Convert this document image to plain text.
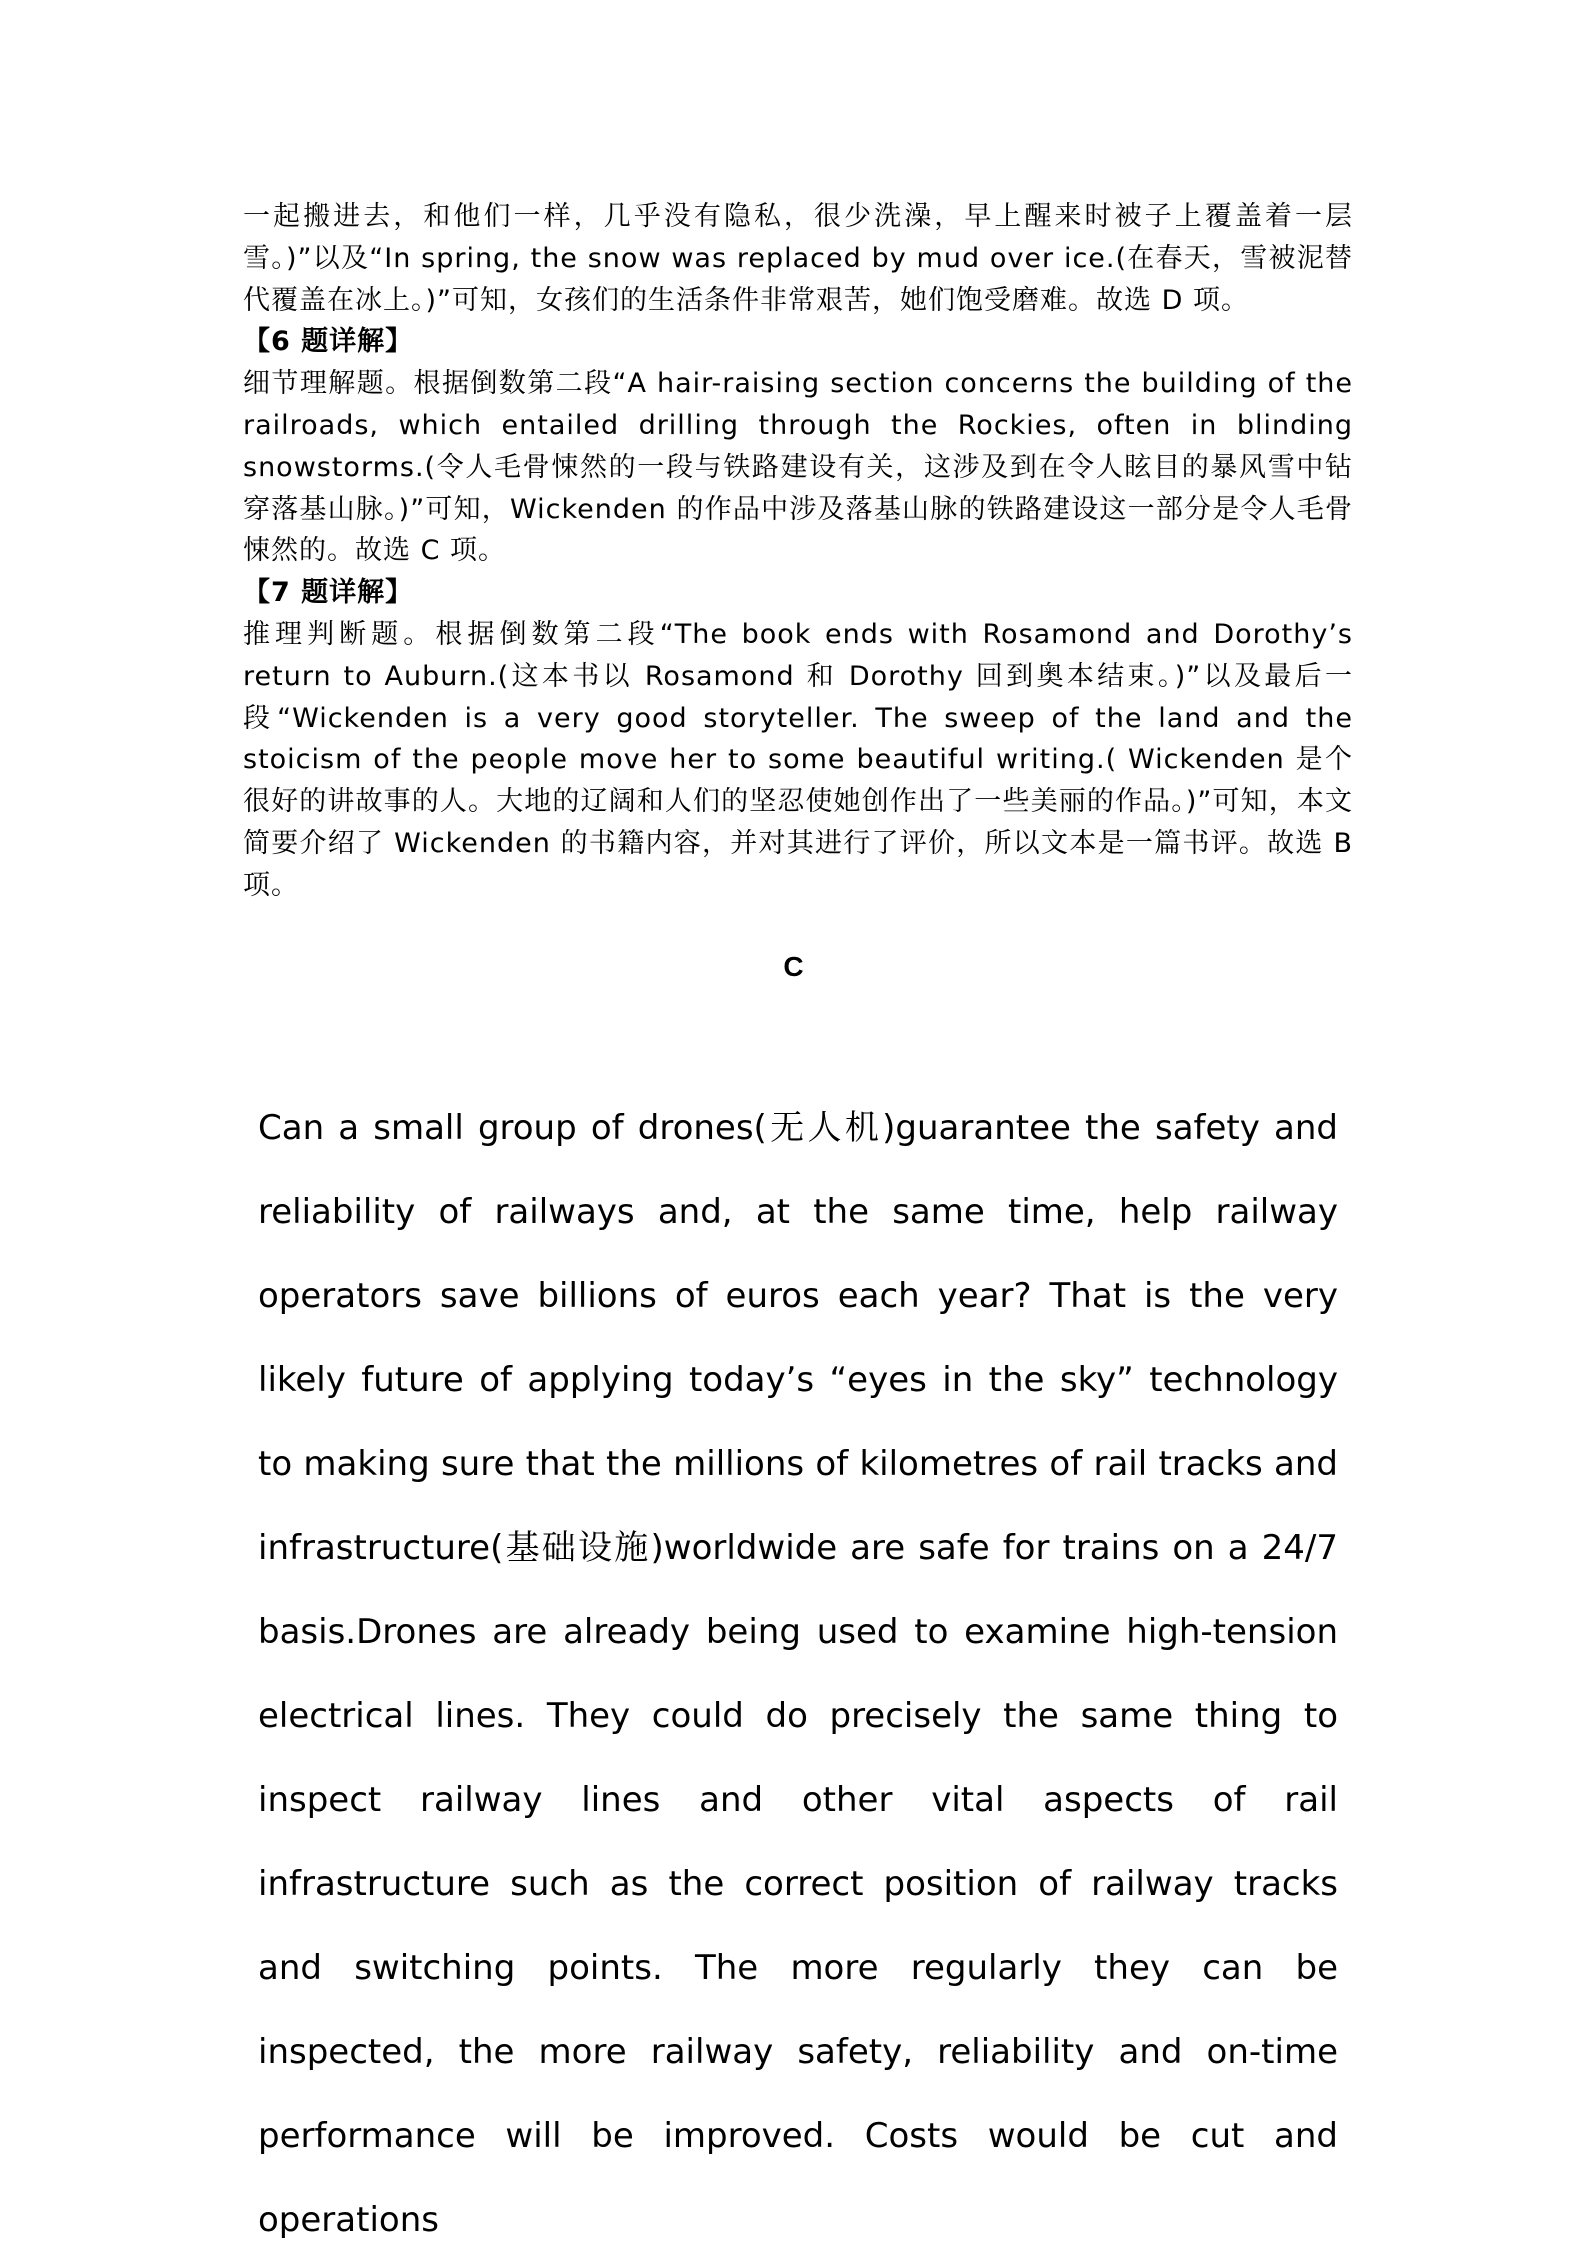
一起搬进去，和他们一样，几乎没有隐私，很少洗澡，早上醒来时被子上覆盖着一层雪。)”以及“In spring, the snow was replaced by mud over ice.(在春天，雪被泥替代覆盖在冰上。)”可知，女孩们的生活条件非常艰苦，她们饱受磨难。故选 D 项。

【6 题详解】

细节理解题。根据倒数第二段“A hair-raising section concerns the building of the railroads, which entailed drilling through the Rockies, often in blinding snowstorms.(令人毛骨悚然的一段与铁路建设有关，这涉及到在令人眩目的暴风雪中钻穿落基山脉。)”可知，Wickenden 的作品中涉及落基山脉的铁路建设这一部分是令人毛骨悚然的。故选 C 项。

【7 题详解】

推理判断题。根据倒数第二段“The book ends with Rosamond and Dorothy’s return to Auburn.(这本书以 Rosamond 和 Dorothy 回到奥本结束。)”以及最后一段“Wickenden is a very good storyteller. The sweep of the land and the stoicism of the people move her to some beautiful writing.( Wickenden 是个很好的讲故事的人。大地的辽阔和人们的坚忍使她创作出了一些美丽的作品。)”可知，本文简要介绍了 Wickenden 的书籍内容，并对其进行了评价，所以文本是一篇书评。故选 B 项。

C

Can a small group of drones(无人机)guarantee the safety and reliability of railways and, at the same time, help railway operators save billions of euros each year? That is the very likely future of applying today’s “eyes in the sky” technology to making sure that the millions of kilometres of rail tracks and infrastructure(基础设施)worldwide are safe for trains on a 24/7 basis.Drones are already being used to examine high-tension electrical lines. They could do precisely the same thing to inspect railway lines and other vital aspects of rail infrastructure such as the correct position of railway tracks and switching points. The more regularly they can be inspected, the more railway safety, reliability and on-time performance will be improved. Costs would be cut and operations
